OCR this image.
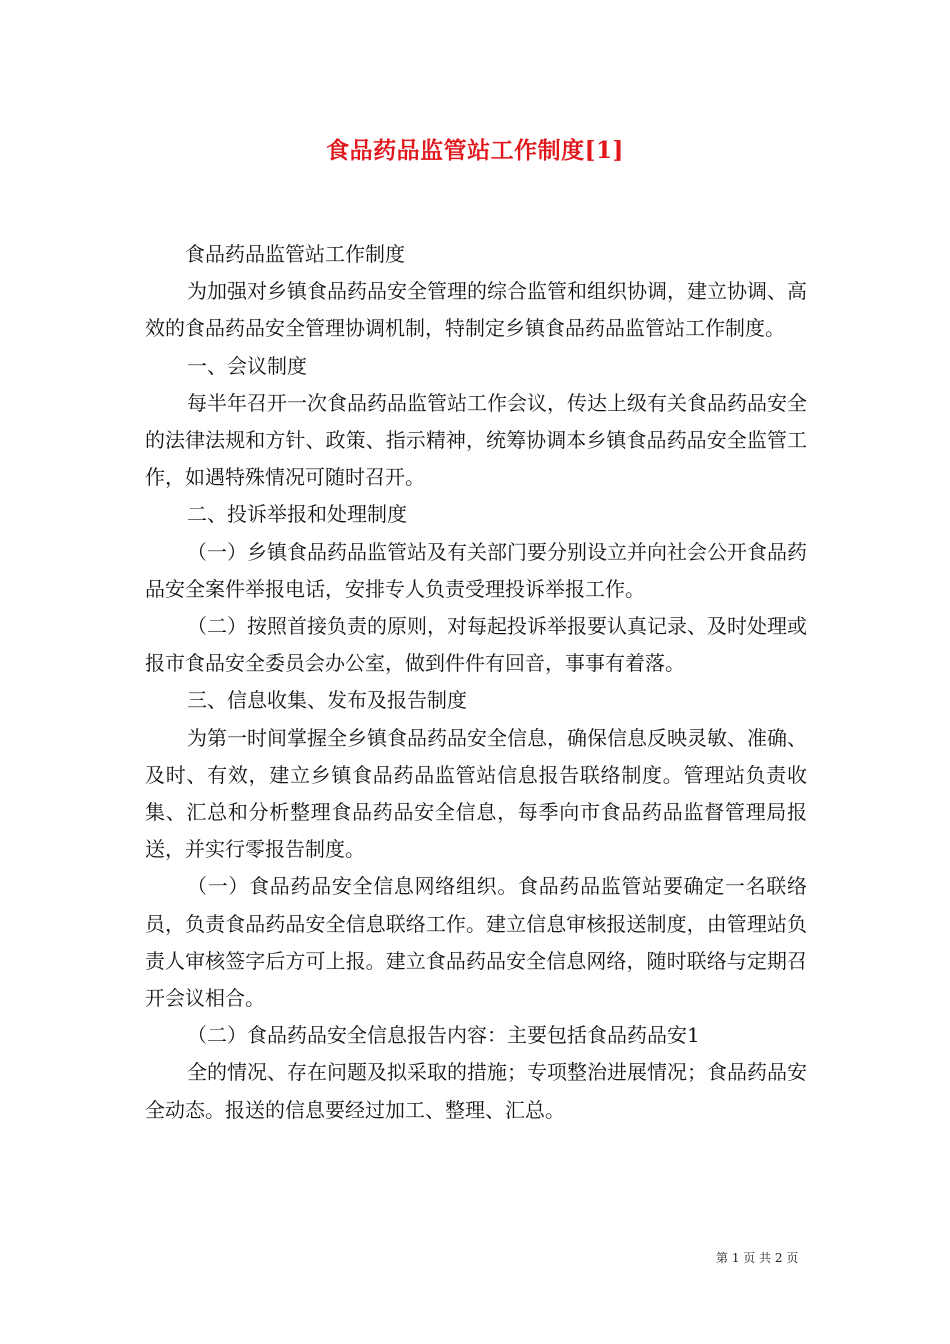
食品药品监管站工作制度[1]

食品药品监管站工作制度

为加强对乡镇食品药品安全管理的综合监管和组织协调，建立协调、高效的食品药品安全管理协调机制，特制定乡镇食品药品监管站工作制度。

一、会议制度

每半年召开一次食品药品监管站工作会议，传达上级有关食品药品安全的法律法规和方针、政策、指示精神，统筹协调本乡镇食品药品安全监管工作，如遇特殊情况可随时召开。

二、投诉举报和处理制度

（一）乡镇食品药品监管站及有关部门要分别设立并向社会公开食品药品安全案件举报电话，安排专人负责受理投诉举报工作。

（二）按照首接负责的原则，对每起投诉举报要认真记录、及时处理或报市食品安全委员会办公室，做到件件有回音，事事有着落。

三、信息收集、发布及报告制度

为第一时间掌握全乡镇食品药品安全信息，确保信息反映灵敏、准确、及时、有效，建立乡镇食品药品监管站信息报告联络制度。管理站负责收集、汇总和分析整理食品药品安全信息，每季向市食品药品监督管理局报送，并实行零报告制度。

（一）食品药品安全信息网络组织。食品药品监管站要确定一名联络员，负责食品药品安全信息联络工作。建立信息审核报送制度，由管理站负责人审核签字后方可上报。建立食品药品安全信息网络，随时联络与定期召开会议相合。

（二）食品药品安全信息报告内容：主要包括食品药品安1

全的情况、存在问题及拟采取的措施；专项整治进展情况；食品药品安全动态。报送的信息要经过加工、整理、汇总。

第 1 页 共 2 页
